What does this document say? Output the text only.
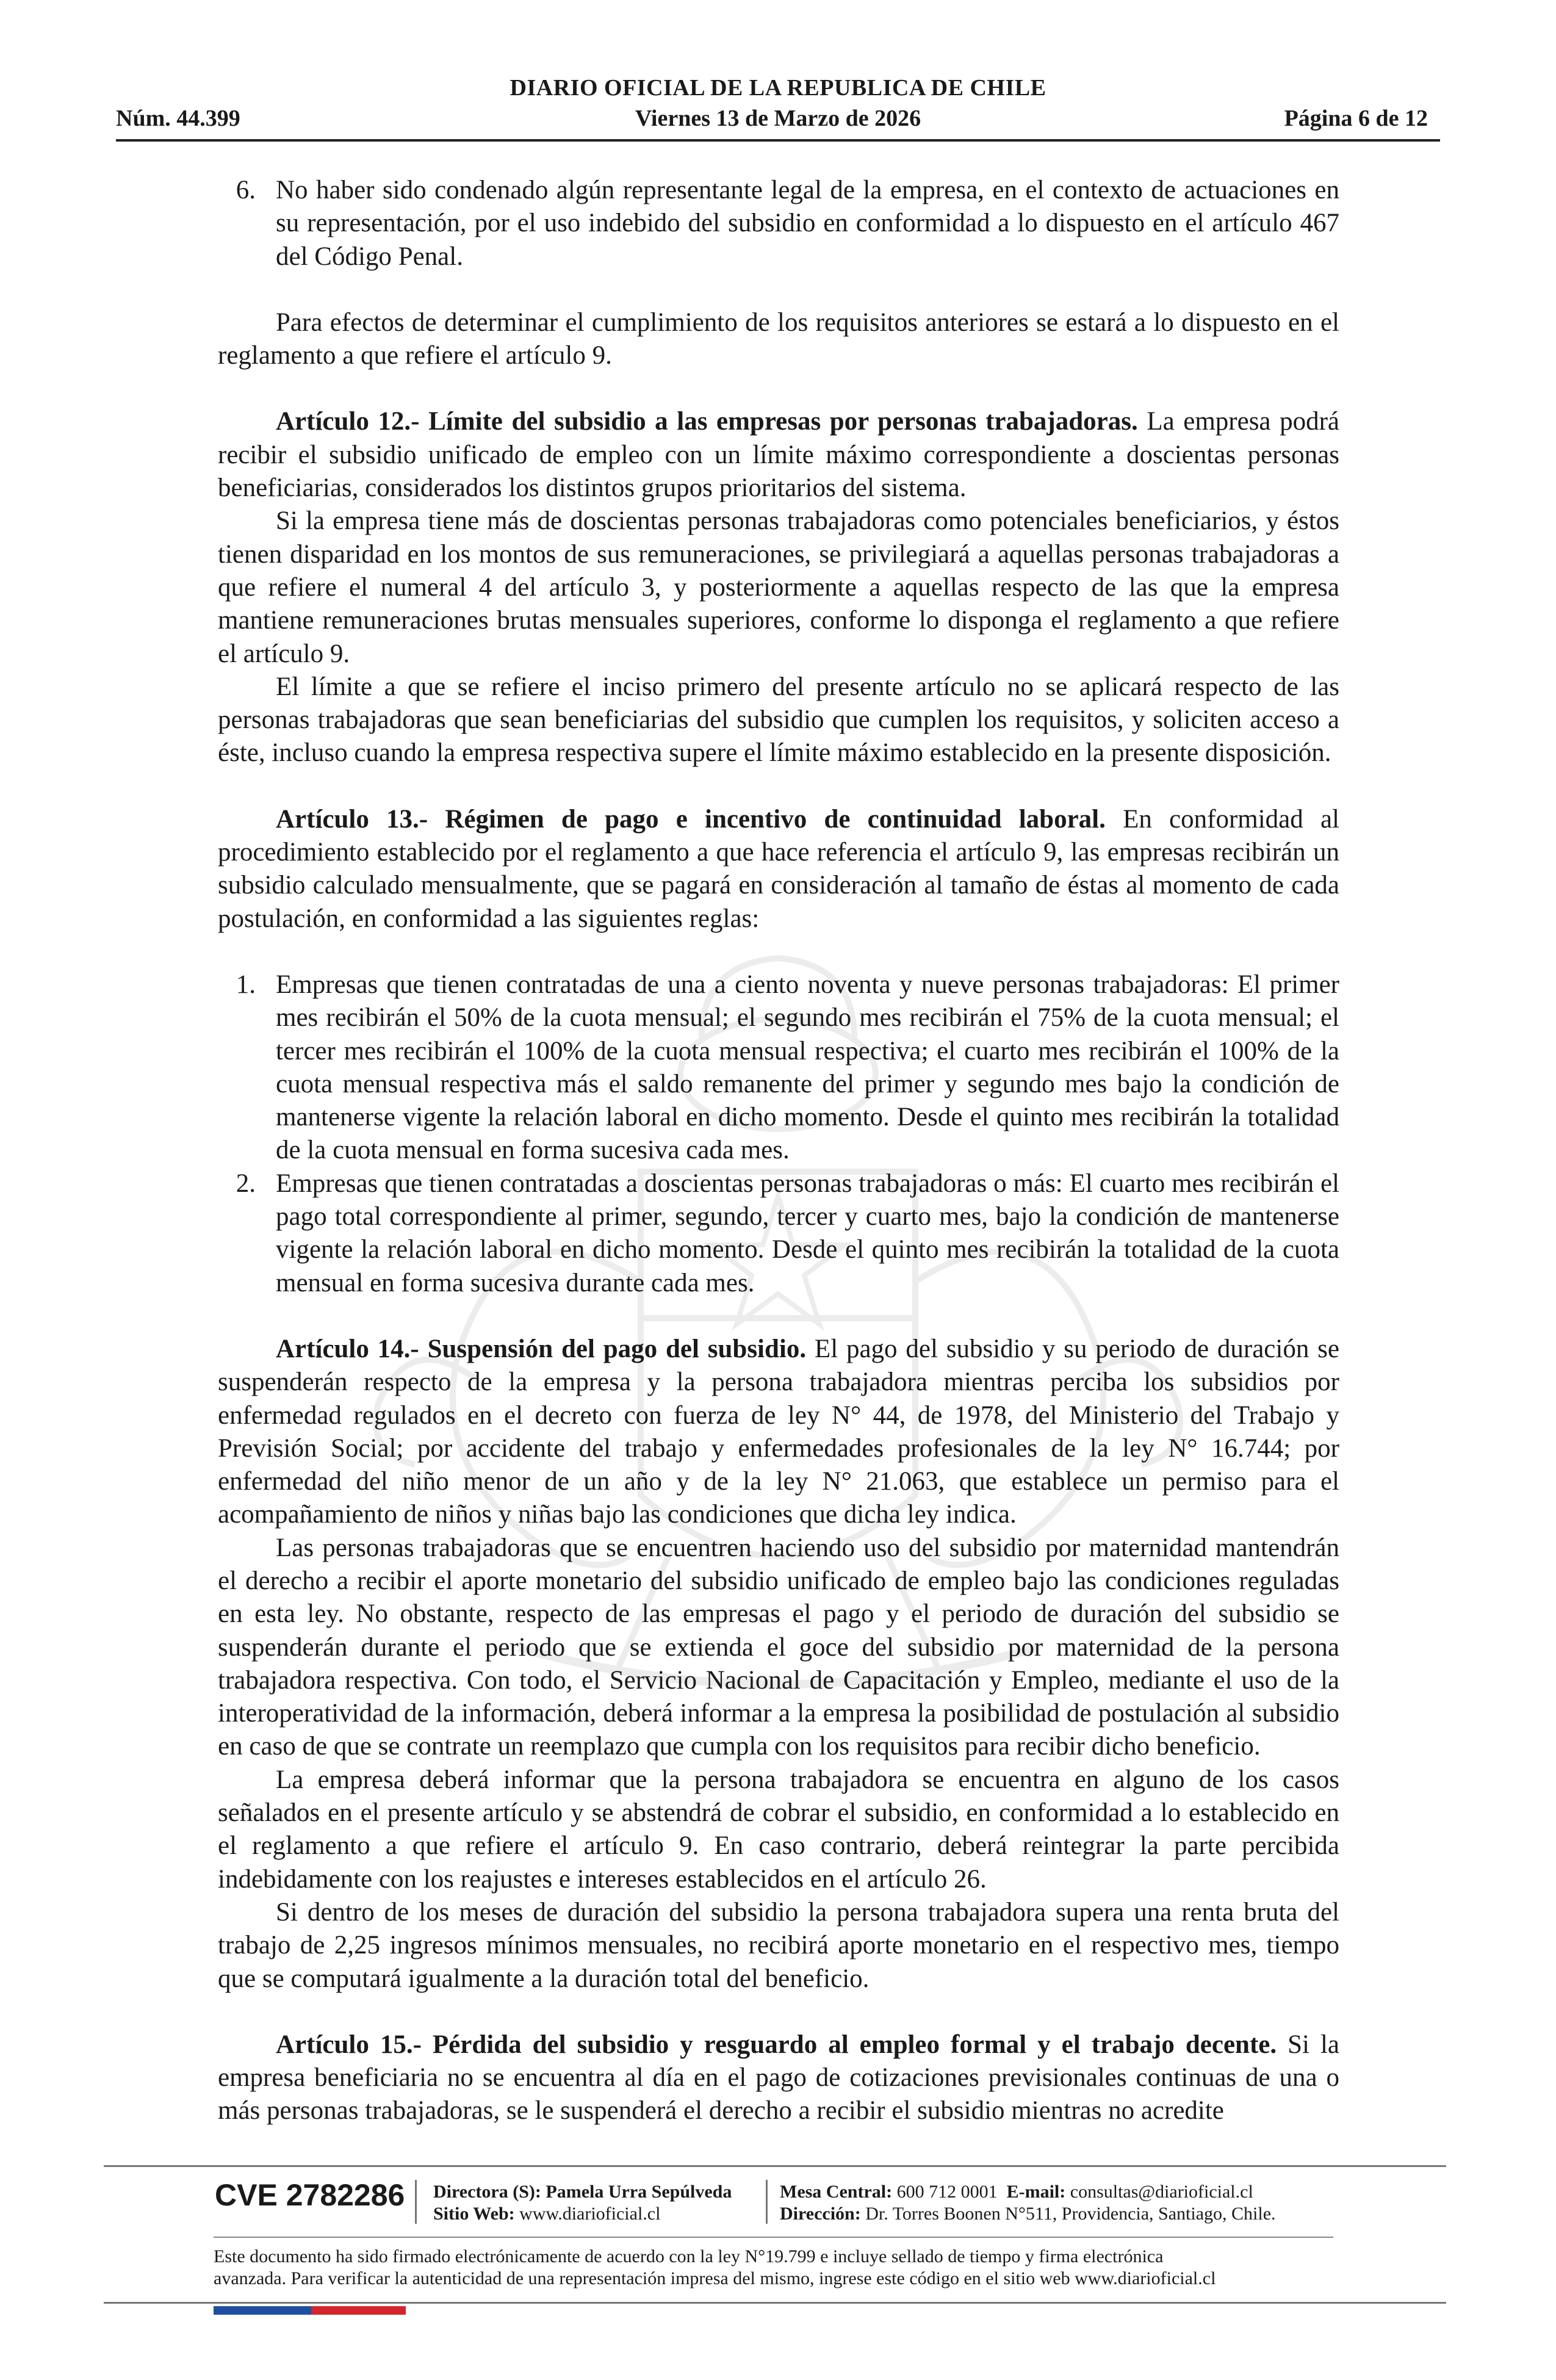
DIARIO OFICIAL DE LA REPUBLICA DE CHILE
Núm. 44.399	Viernes 13 de Marzo de 2026	Página 6 de 12
6. No haber sido condenado algún representante legal de la empresa, en el contexto de actuaciones en su representación, por el uso indebido del subsidio en conformidad a lo dispuesto en el artículo 467 del Código Penal.

Para efectos de determinar el cumplimiento de los requisitos anteriores se estará a lo dispuesto en el reglamento a que refiere el artículo 9.

Artículo 12.- Límite del subsidio a las empresas por personas trabajadoras. La empresa podrá recibir el subsidio unificado de empleo con un límite máximo correspondiente a doscientas personas beneficiarias, considerados los distintos grupos prioritarios del sistema.

Si la empresa tiene más de doscientas personas trabajadoras como potenciales beneficiarios, y éstos tienen disparidad en los montos de sus remuneraciones, se privilegiará a aquellas personas trabajadoras a que refiere el numeral 4 del artículo 3, y posteriormente a aquellas respecto de las que la empresa mantiene remuneraciones brutas mensuales superiores, conforme lo disponga el reglamento a que refiere el artículo 9.

El límite a que se refiere el inciso primero del presente artículo no se aplicará respecto de las personas trabajadoras que sean beneficiarias del subsidio que cumplen los requisitos, y soliciten acceso a éste, incluso cuando la empresa respectiva supere el límite máximo establecido en la presente disposición.

Artículo 13.- Régimen de pago e incentivo de continuidad laboral. En conformidad al procedimiento establecido por el reglamento a que hace referencia el artículo 9, las empresas recibirán un subsidio calculado mensualmente, que se pagará en consideración al tamaño de éstas al momento de cada postulación, en conformidad a las siguientes reglas:

1. Empresas que tienen contratadas de una a ciento noventa y nueve personas trabajadoras: El primer mes recibirán el 50% de la cuota mensual; el segundo mes recibirán el 75% de la cuota mensual; el tercer mes recibirán el 100% de la cuota mensual respectiva; el cuarto mes recibirán el 100% de la cuota mensual respectiva más el saldo remanente del primer y segundo mes bajo la condición de mantenerse vigente la relación laboral en dicho momento. Desde el quinto mes recibirán la totalidad de la cuota mensual en forma sucesiva cada mes.
2. Empresas que tienen contratadas a doscientas personas trabajadoras o más: El cuarto mes recibirán el pago total correspondiente al primer, segundo, tercer y cuarto mes, bajo la condición de mantenerse vigente la relación laboral en dicho momento. Desde el quinto mes recibirán la totalidad de la cuota mensual en forma sucesiva durante cada mes.

Artículo 14.- Suspensión del pago del subsidio. El pago del subsidio y su periodo de duración se suspenderán respecto de la empresa y la persona trabajadora mientras perciba los subsidios por enfermedad regulados en el decreto con fuerza de ley N° 44, de 1978, del Ministerio del Trabajo y Previsión Social; por accidente del trabajo y enfermedades profesionales de la ley N° 16.744; por enfermedad del niño menor de un año y de la ley N° 21.063, que establece un permiso para el acompañamiento de niños y niñas bajo las condiciones que dicha ley indica.

Las personas trabajadoras que se encuentren haciendo uso del subsidio por maternidad mantendrán el derecho a recibir el aporte monetario del subsidio unificado de empleo bajo las condiciones reguladas en esta ley. No obstante, respecto de las empresas el pago y el periodo de duración del subsidio se suspenderán durante el periodo que se extienda el goce del subsidio por maternidad de la persona trabajadora respectiva. Con todo, el Servicio Nacional de Capacitación y Empleo, mediante el uso de la interoperatividad de la información, deberá informar a la empresa la posibilidad de postulación al subsidio en caso de que se contrate un reemplazo que cumpla con los requisitos para recibir dicho beneficio.

La empresa deberá informar que la persona trabajadora se encuentra en alguno de los casos señalados en el presente artículo y se abstendrá de cobrar el subsidio, en conformidad a lo establecido en el reglamento a que refiere el artículo 9. En caso contrario, deberá reintegrar la parte percibida indebidamente con los reajustes e intereses establecidos en el artículo 26.

Si dentro de los meses de duración del subsidio la persona trabajadora supera una renta bruta del trabajo de 2,25 ingresos mínimos mensuales, no recibirá aporte monetario en el respectivo mes, tiempo que se computará igualmente a la duración total del beneficio.

Artículo 15.- Pérdida del subsidio y resguardo al empleo formal y el trabajo decente. Si la empresa beneficiaria no se encuentra al día en el pago de cotizaciones previsionales continuas de una o más personas trabajadoras, se le suspenderá el derecho a recibir el subsidio mientras no acredite

CVE 2782286 Directora (S): Pamela Urra Sepúlveda
Sitio Web: www.diarioficial.cl
Mesa Central: 600 712 0001 E-mail: consultas@diarioficial.cl
Dirección: Dr. Torres Boonen N°511, Providencia, Santiago, Chile.
Este documento ha sido firmado electrónicamente de acuerdo con la ley N°19.799 e incluye sellado de tiempo y firma electrónica
avanzada. Para verificar la autenticidad de una representación impresa del mismo, ingrese este código en el sitio web www.diarioficial.cl
